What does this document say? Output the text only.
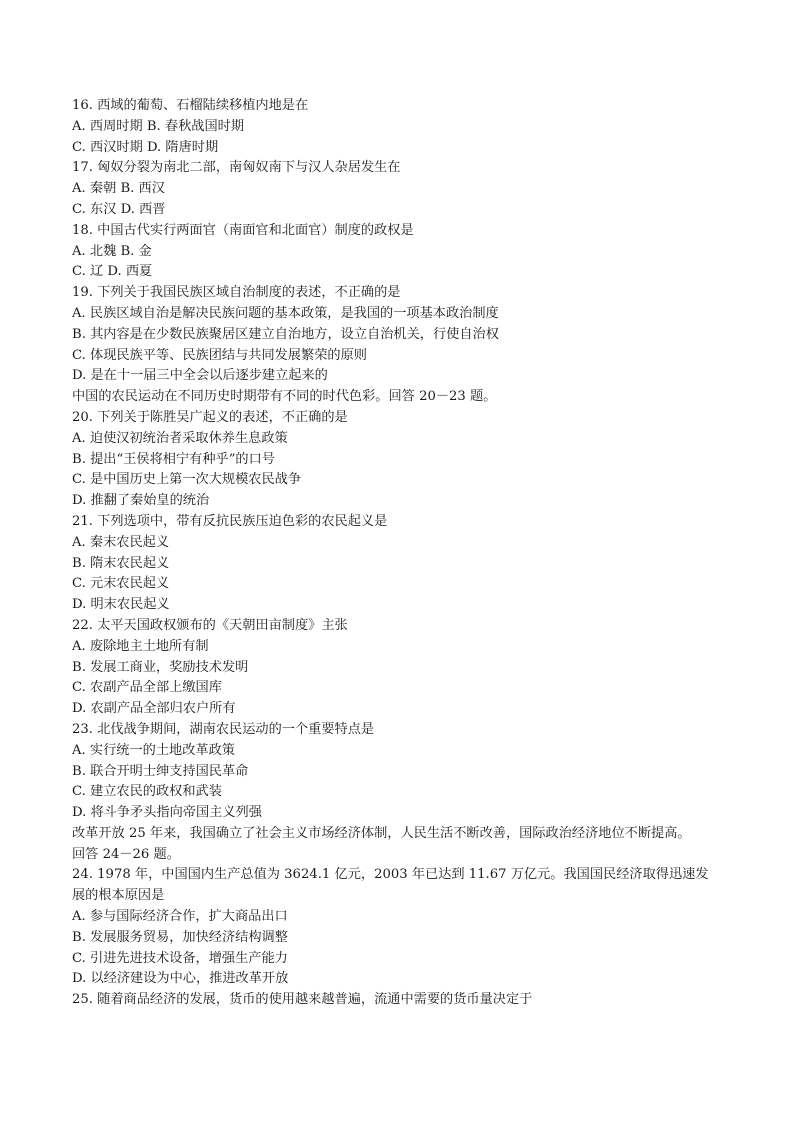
16. 西域的葡萄、石榴陆续移植内地是在
A. 西周时期 B. 春秋战国时期
C. 西汉时期 D. 隋唐时期
17. 匈奴分裂为南北二部，南匈奴南下与汉人杂居发生在
A. 秦朝 B. 西汉
C. 东汉 D. 西晋
18. 中国古代实行两面官（南面官和北面官）制度的政权是
A. 北魏 B. 金
C. 辽 D. 西夏
19. 下列关于我国民族区域自治制度的表述，不正确的是
A. 民族区域自治是解决民族问题的基本政策，是我国的一项基本政治制度
B. 其内容是在少数民族聚居区建立自治地方，设立自治机关，行使自治权
C. 体现民族平等、民族团结与共同发展繁荣的原则
D. 是在十一届三中全会以后逐步建立起来的
中国的农民运动在不同历史时期带有不同的时代色彩。回答 20－23 题。
20. 下列关于陈胜吴广起义的表述，不正确的是
A. 迫使汉初统治者采取休养生息政策
B. 提出“王侯将相宁有种乎”的口号
C. 是中国历史上第一次大规模农民战争
D. 推翻了秦始皇的统治
21. 下列选项中，带有反抗民族压迫色彩的农民起义是
A. 秦末农民起义
B. 隋末农民起义
C. 元末农民起义
D. 明末农民起义
22. 太平天国政权颁布的《天朝田亩制度》主张
A. 废除地主土地所有制
B. 发展工商业，奖励技术发明
C. 农副产品全部上缴国库
D. 农副产品全部归农户所有
23. 北伐战争期间，湖南农民运动的一个重要特点是
A. 实行统一的土地改革政策
B. 联合开明士绅支持国民革命
C. 建立农民的政权和武装
D. 将斗争矛头指向帝国主义列强
改革开放 25 年来，我国确立了社会主义市场经济体制，人民生活不断改善，国际政治经济地位不断提高。
回答 24－26 题。
24. 1978 年，中国国内生产总值为 3624.1 亿元，2003 年已达到 11.67 万亿元。我国国民经济取得迅速发
展的根本原因是
A. 参与国际经济合作，扩大商品出口
B. 发展服务贸易，加快经济结构调整
C. 引进先进技术设备，增强生产能力
D. 以经济建设为中心，推进改革开放
25. 随着商品经济的发展，货币的使用越来越普遍，流通中需要的货币量决定于
